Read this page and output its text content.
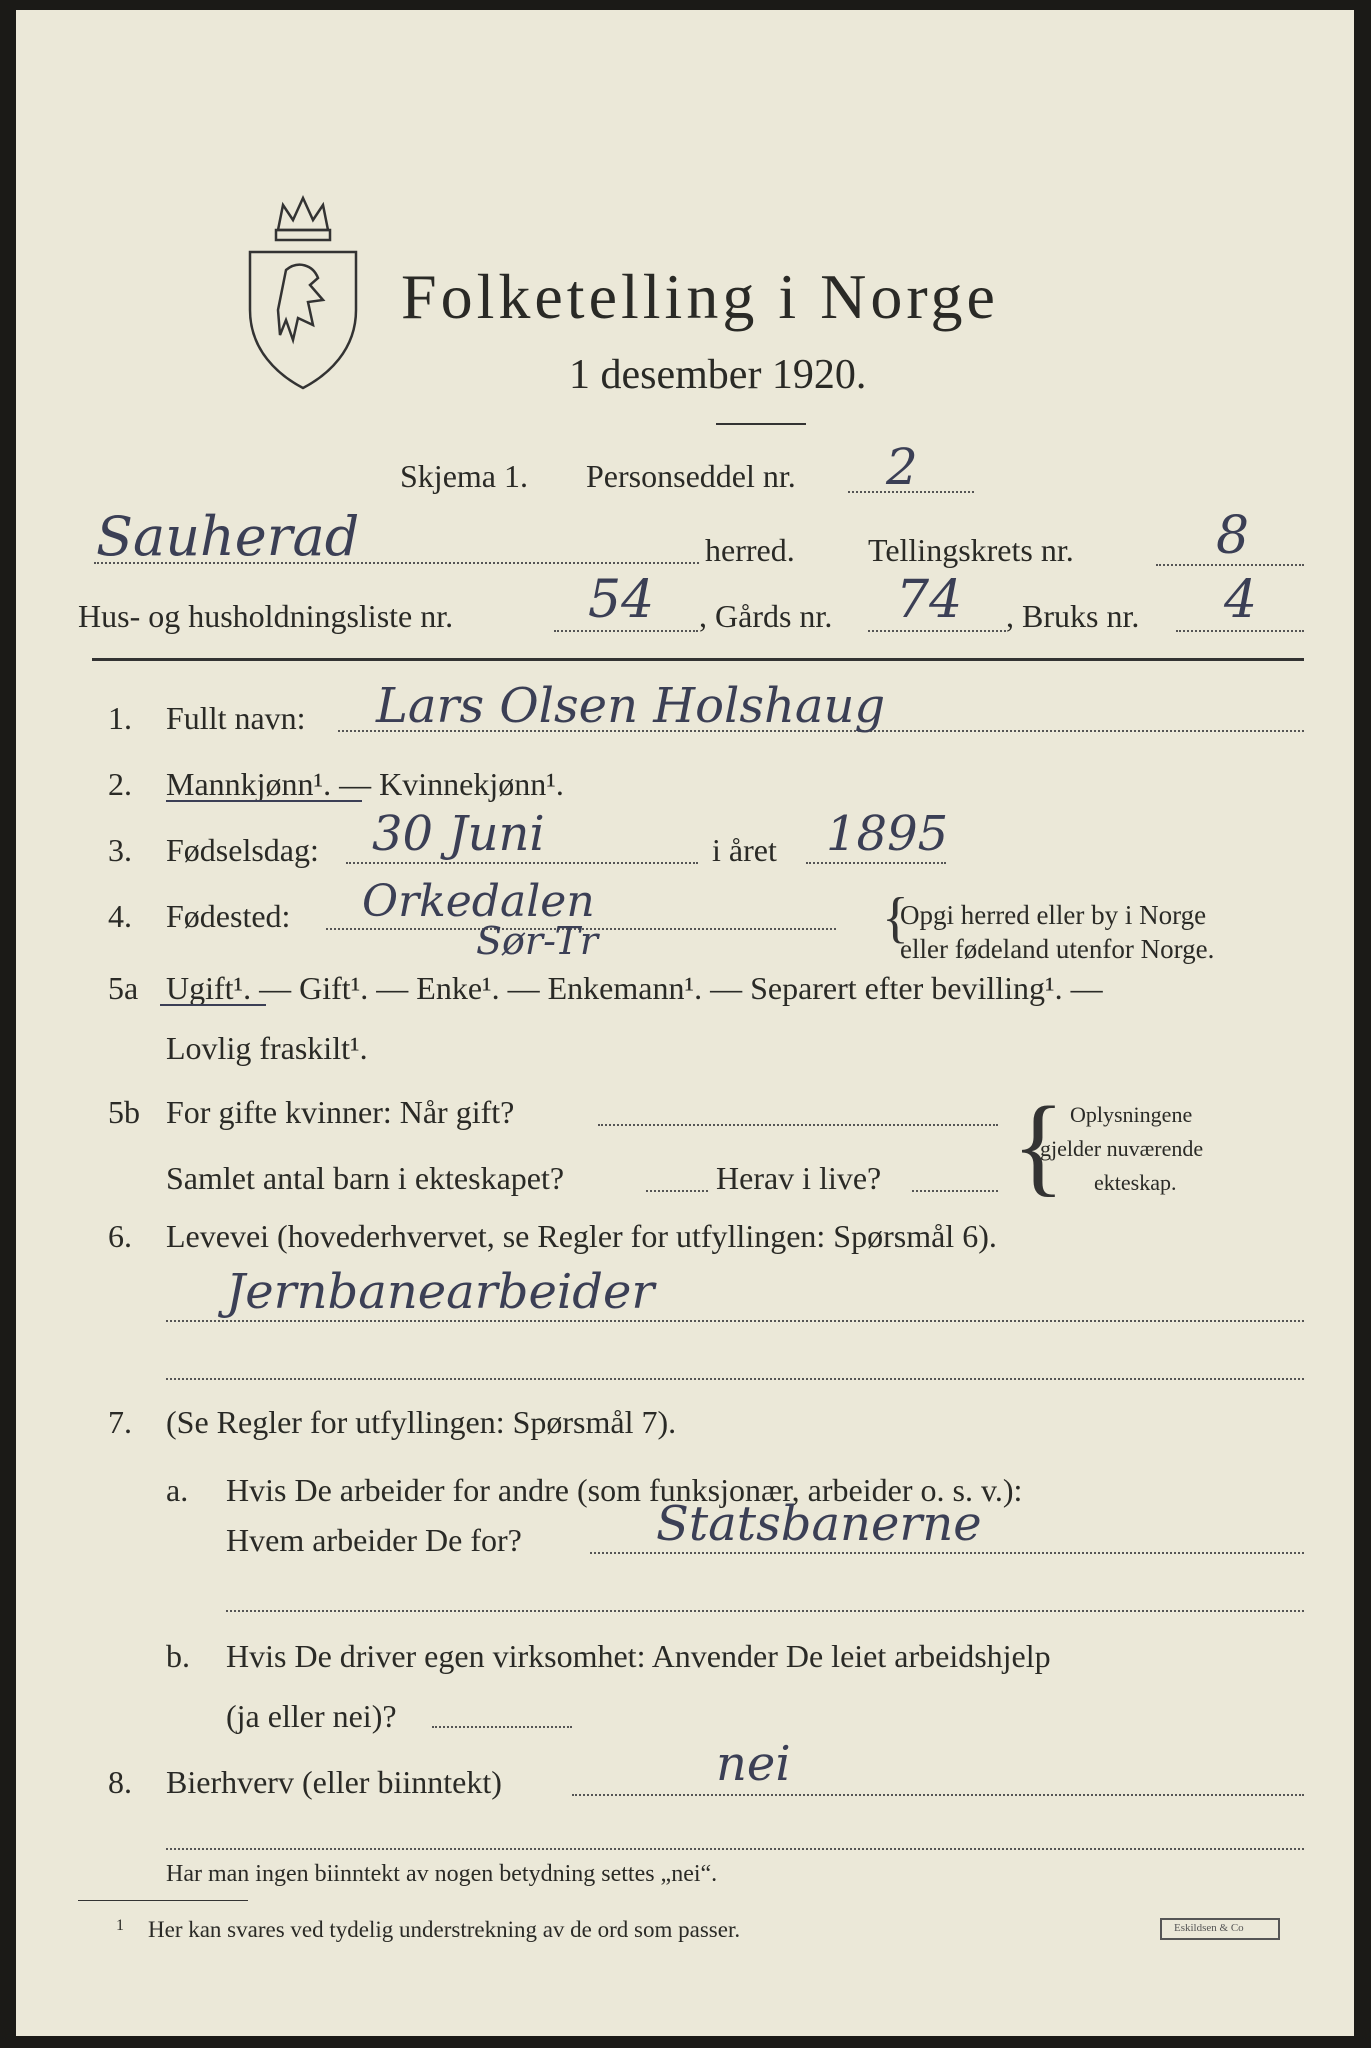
Folketelling i Norge
1 desember 1920.
Skjema 1. Personseddel nr. 2
Sauherad	herred. Tellingskrets nr.	8
Hus- og husholdningsliste nr.	54 , Gårds nr. 74 , Bruks nr. 4
1. Fullt navn: Lars Olsen Holshaug
2. Mannkjønn¹. — Kvinnekjønn¹.
3. Fødselsdag: 30 Juni	i året 1895
4. Fødested: Orkedalen
Sør-Tr	{
Opgi herred eller by i Norge
eller fødeland utenfor Norge.
5a Ugift¹. — Gift¹. — Enke¹. — Enkemann¹. — Separert efter bevilling¹. —
Lovlig fraskilt¹.
5b For gifte kvinner: Når gift?
Samlet antal barn i ekteskapet?	Herav i live? { Oplysningene
gjelder nuværende
ekteskap.
6. Levevei (hovederhvervet, se Regler for utfyllingen: Spørsmål 6).
Jernbanearbeider
7. (Se Regler for utfyllingen: Spørsmål 7).
a. Hvis De arbeider for andre (som funksjonær, arbeider o. s. v.):
Hvem arbeider De for?	Statsbanerne
b. Hvis De driver egen virksomhet: Anvender De leiet arbeidshjelp
(ja eller nei)?
8. Bierhverv (eller biinntekt)	nei
Har man ingen biinntekt av nogen betydning settes „nei“.
1 Her kan svares ved tydelig understrekning av de ord som passer.	Eskildsen & Co
